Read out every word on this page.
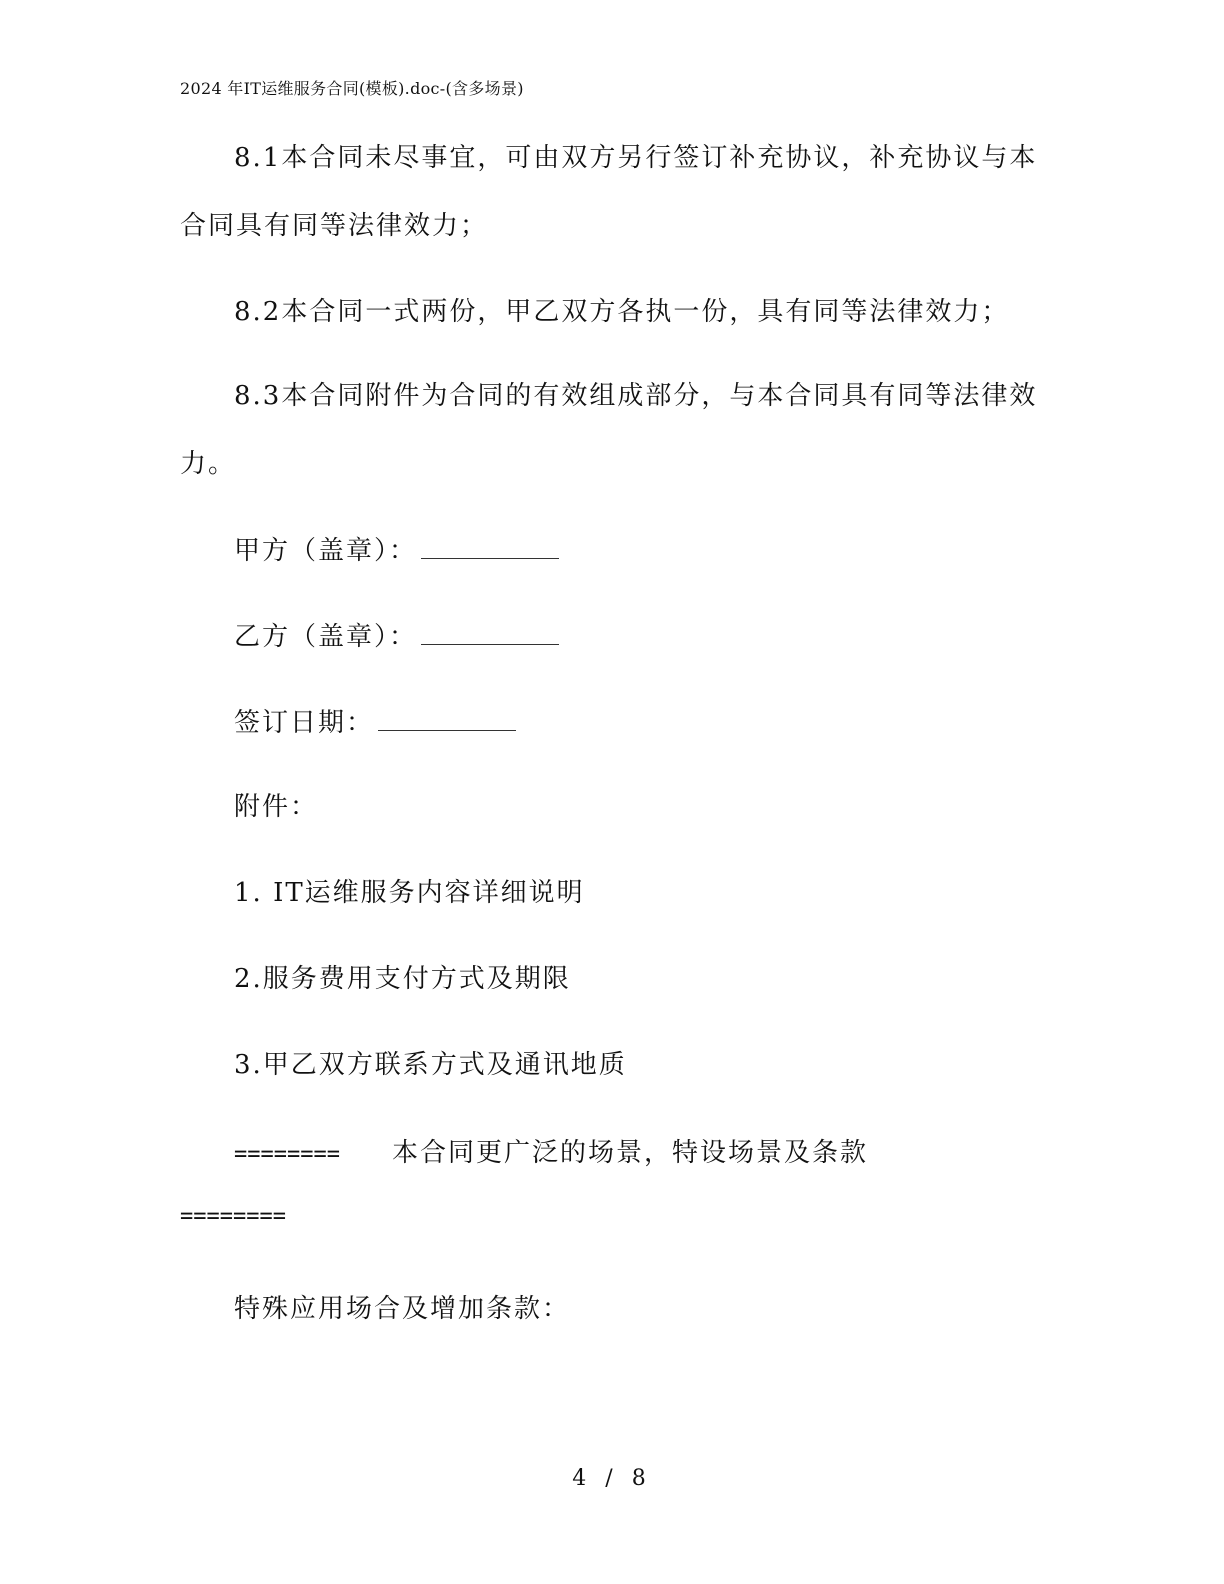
2024 年IT运维服务合同(模板).doc-(含多场景)

8.1本合同未尽事宜，可由双方另行签订补充协议，补充协议与本合同具有同等法律效力；

8.2本合同一式两份，甲乙双方各执一份，具有同等法律效力；

8.3本合同附件为合同的有效组成部分，与本合同具有同等法律效力。

甲方（盖章）：
乙方（盖章）：
签订日期：
附件：
1. IT运维服务内容详细说明
2.服务费用支付方式及期限
3.甲乙双方联系方式及通讯地质
======== 本合同更广泛的场景，特设场景及条款
========
特殊应用场合及增加条款：
4 / 8
